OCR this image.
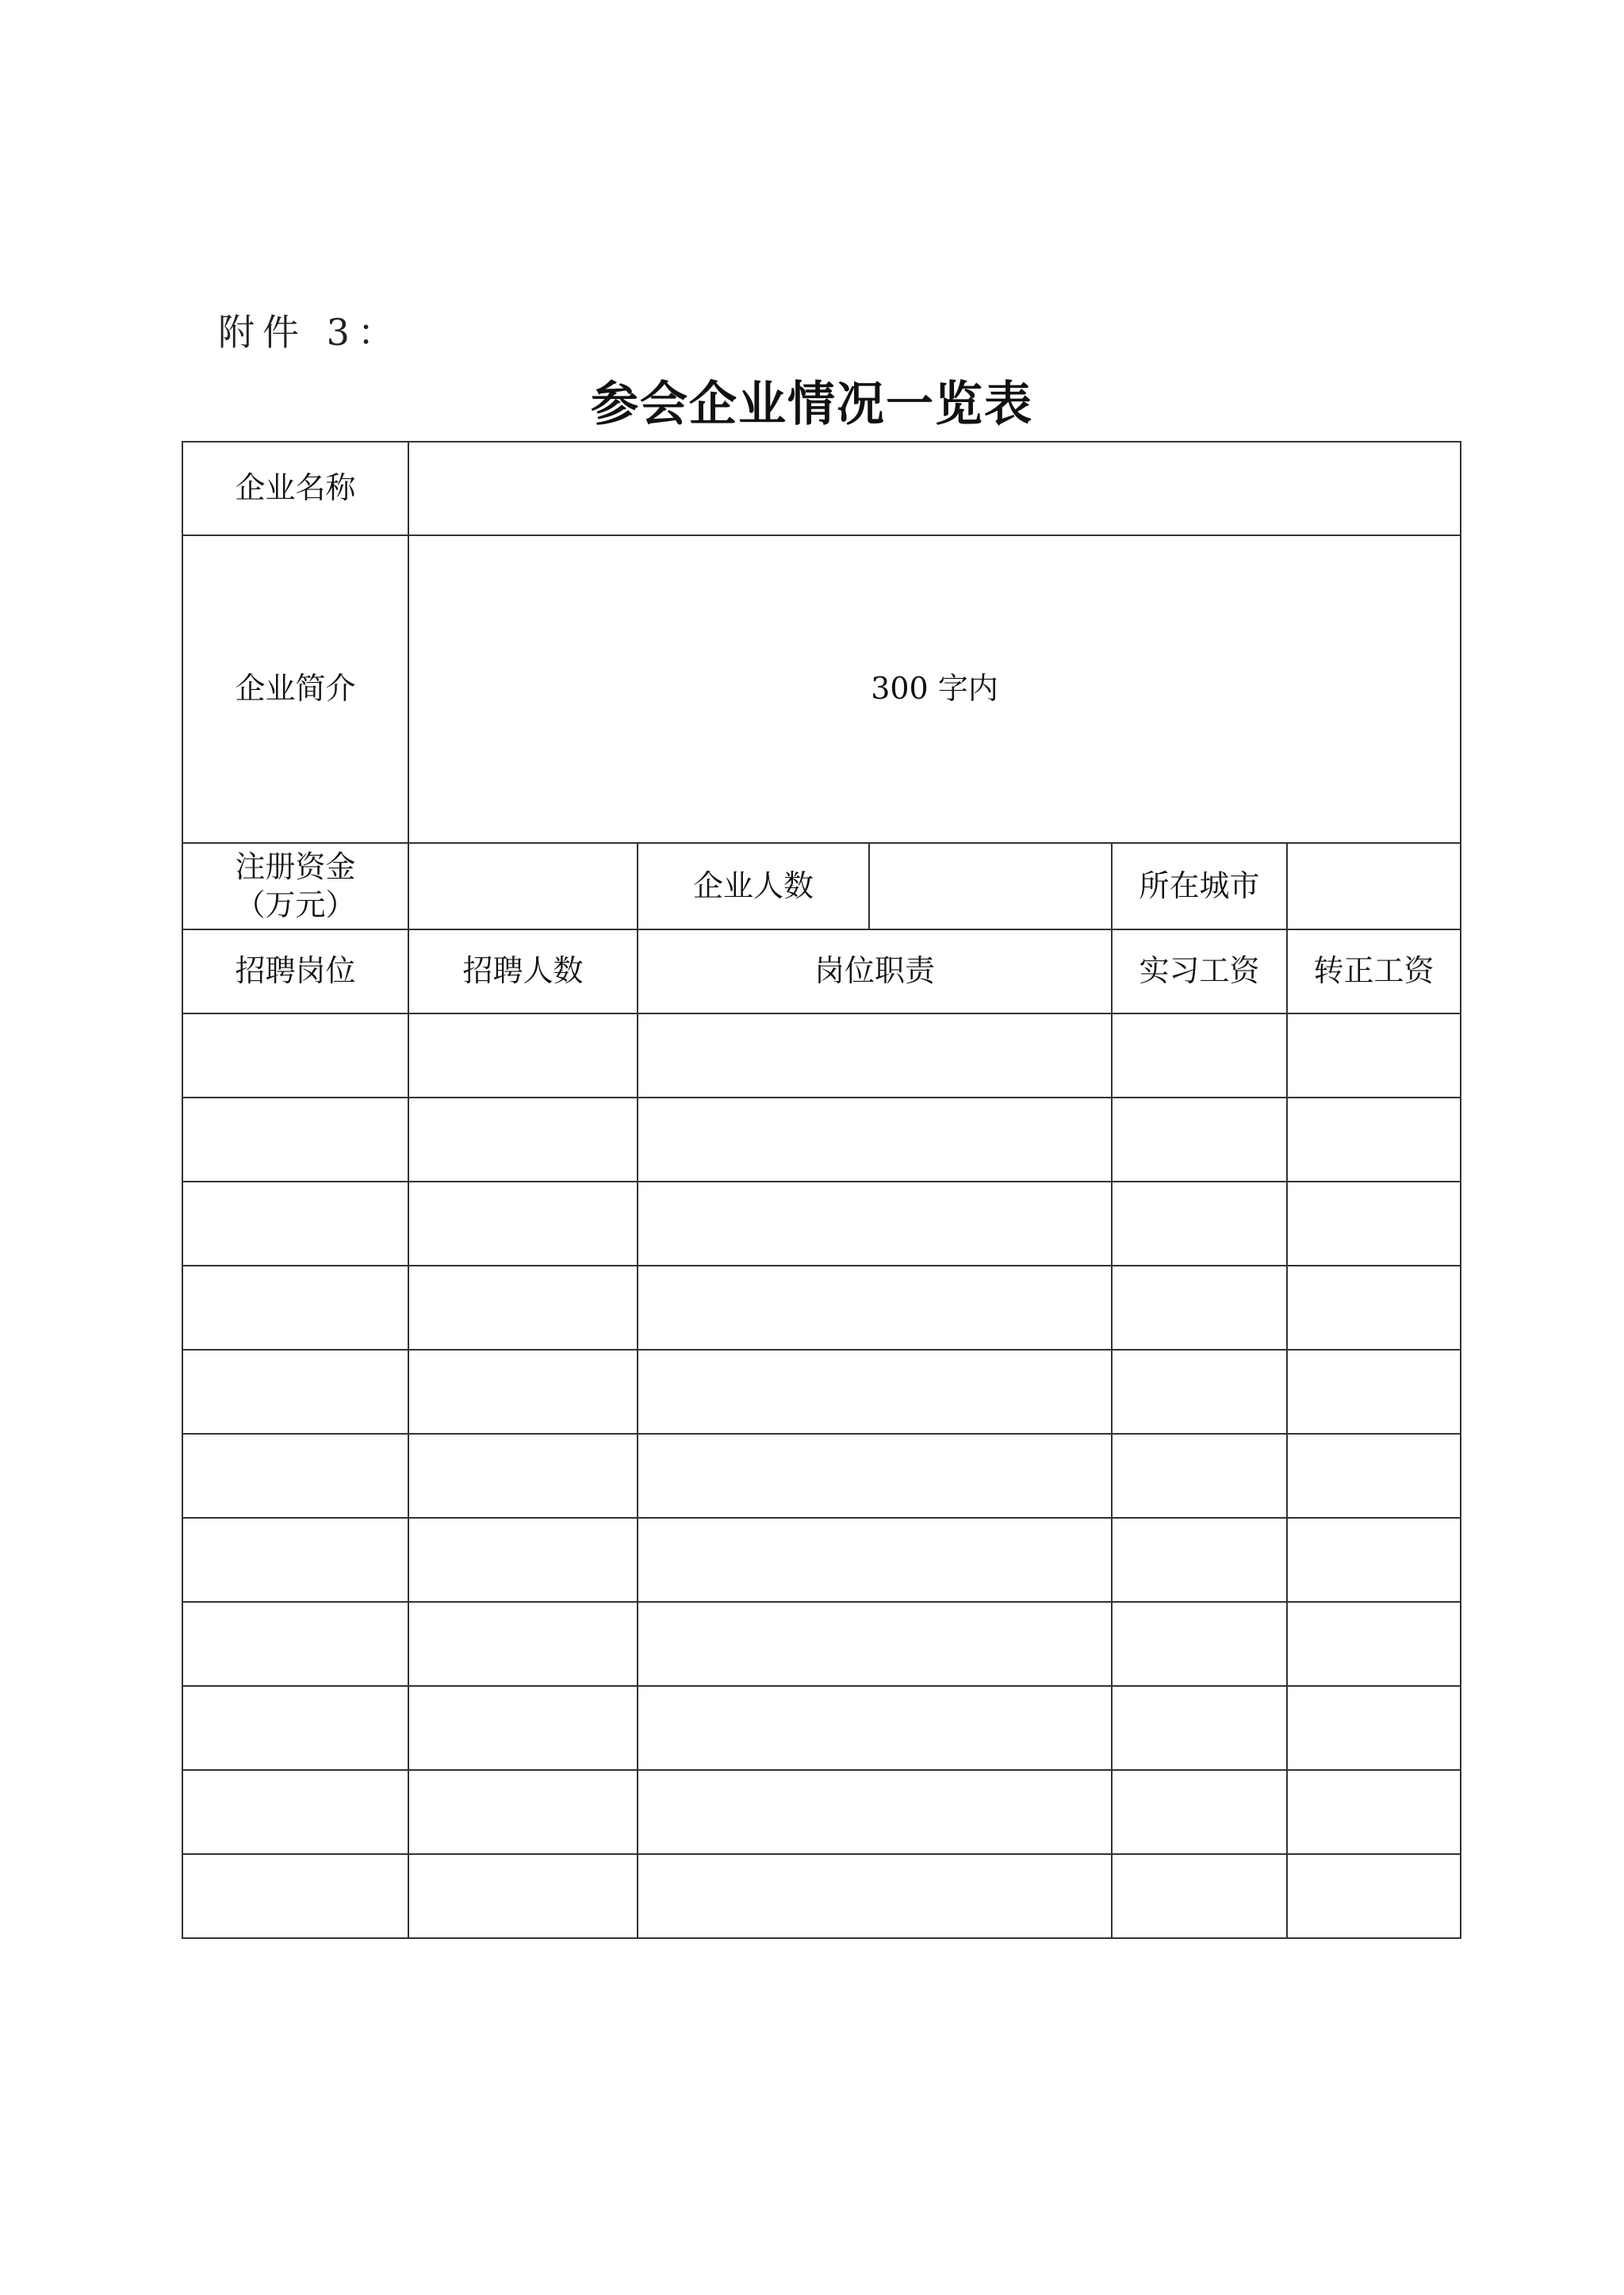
附件 3：
参会企业情况一览表
企业名称					
企业简介	300 字内				

注册资金
（万元）		企业人数		所在城市	
招聘岗位	招聘人数	岗位职责		实习工资	转正工资
